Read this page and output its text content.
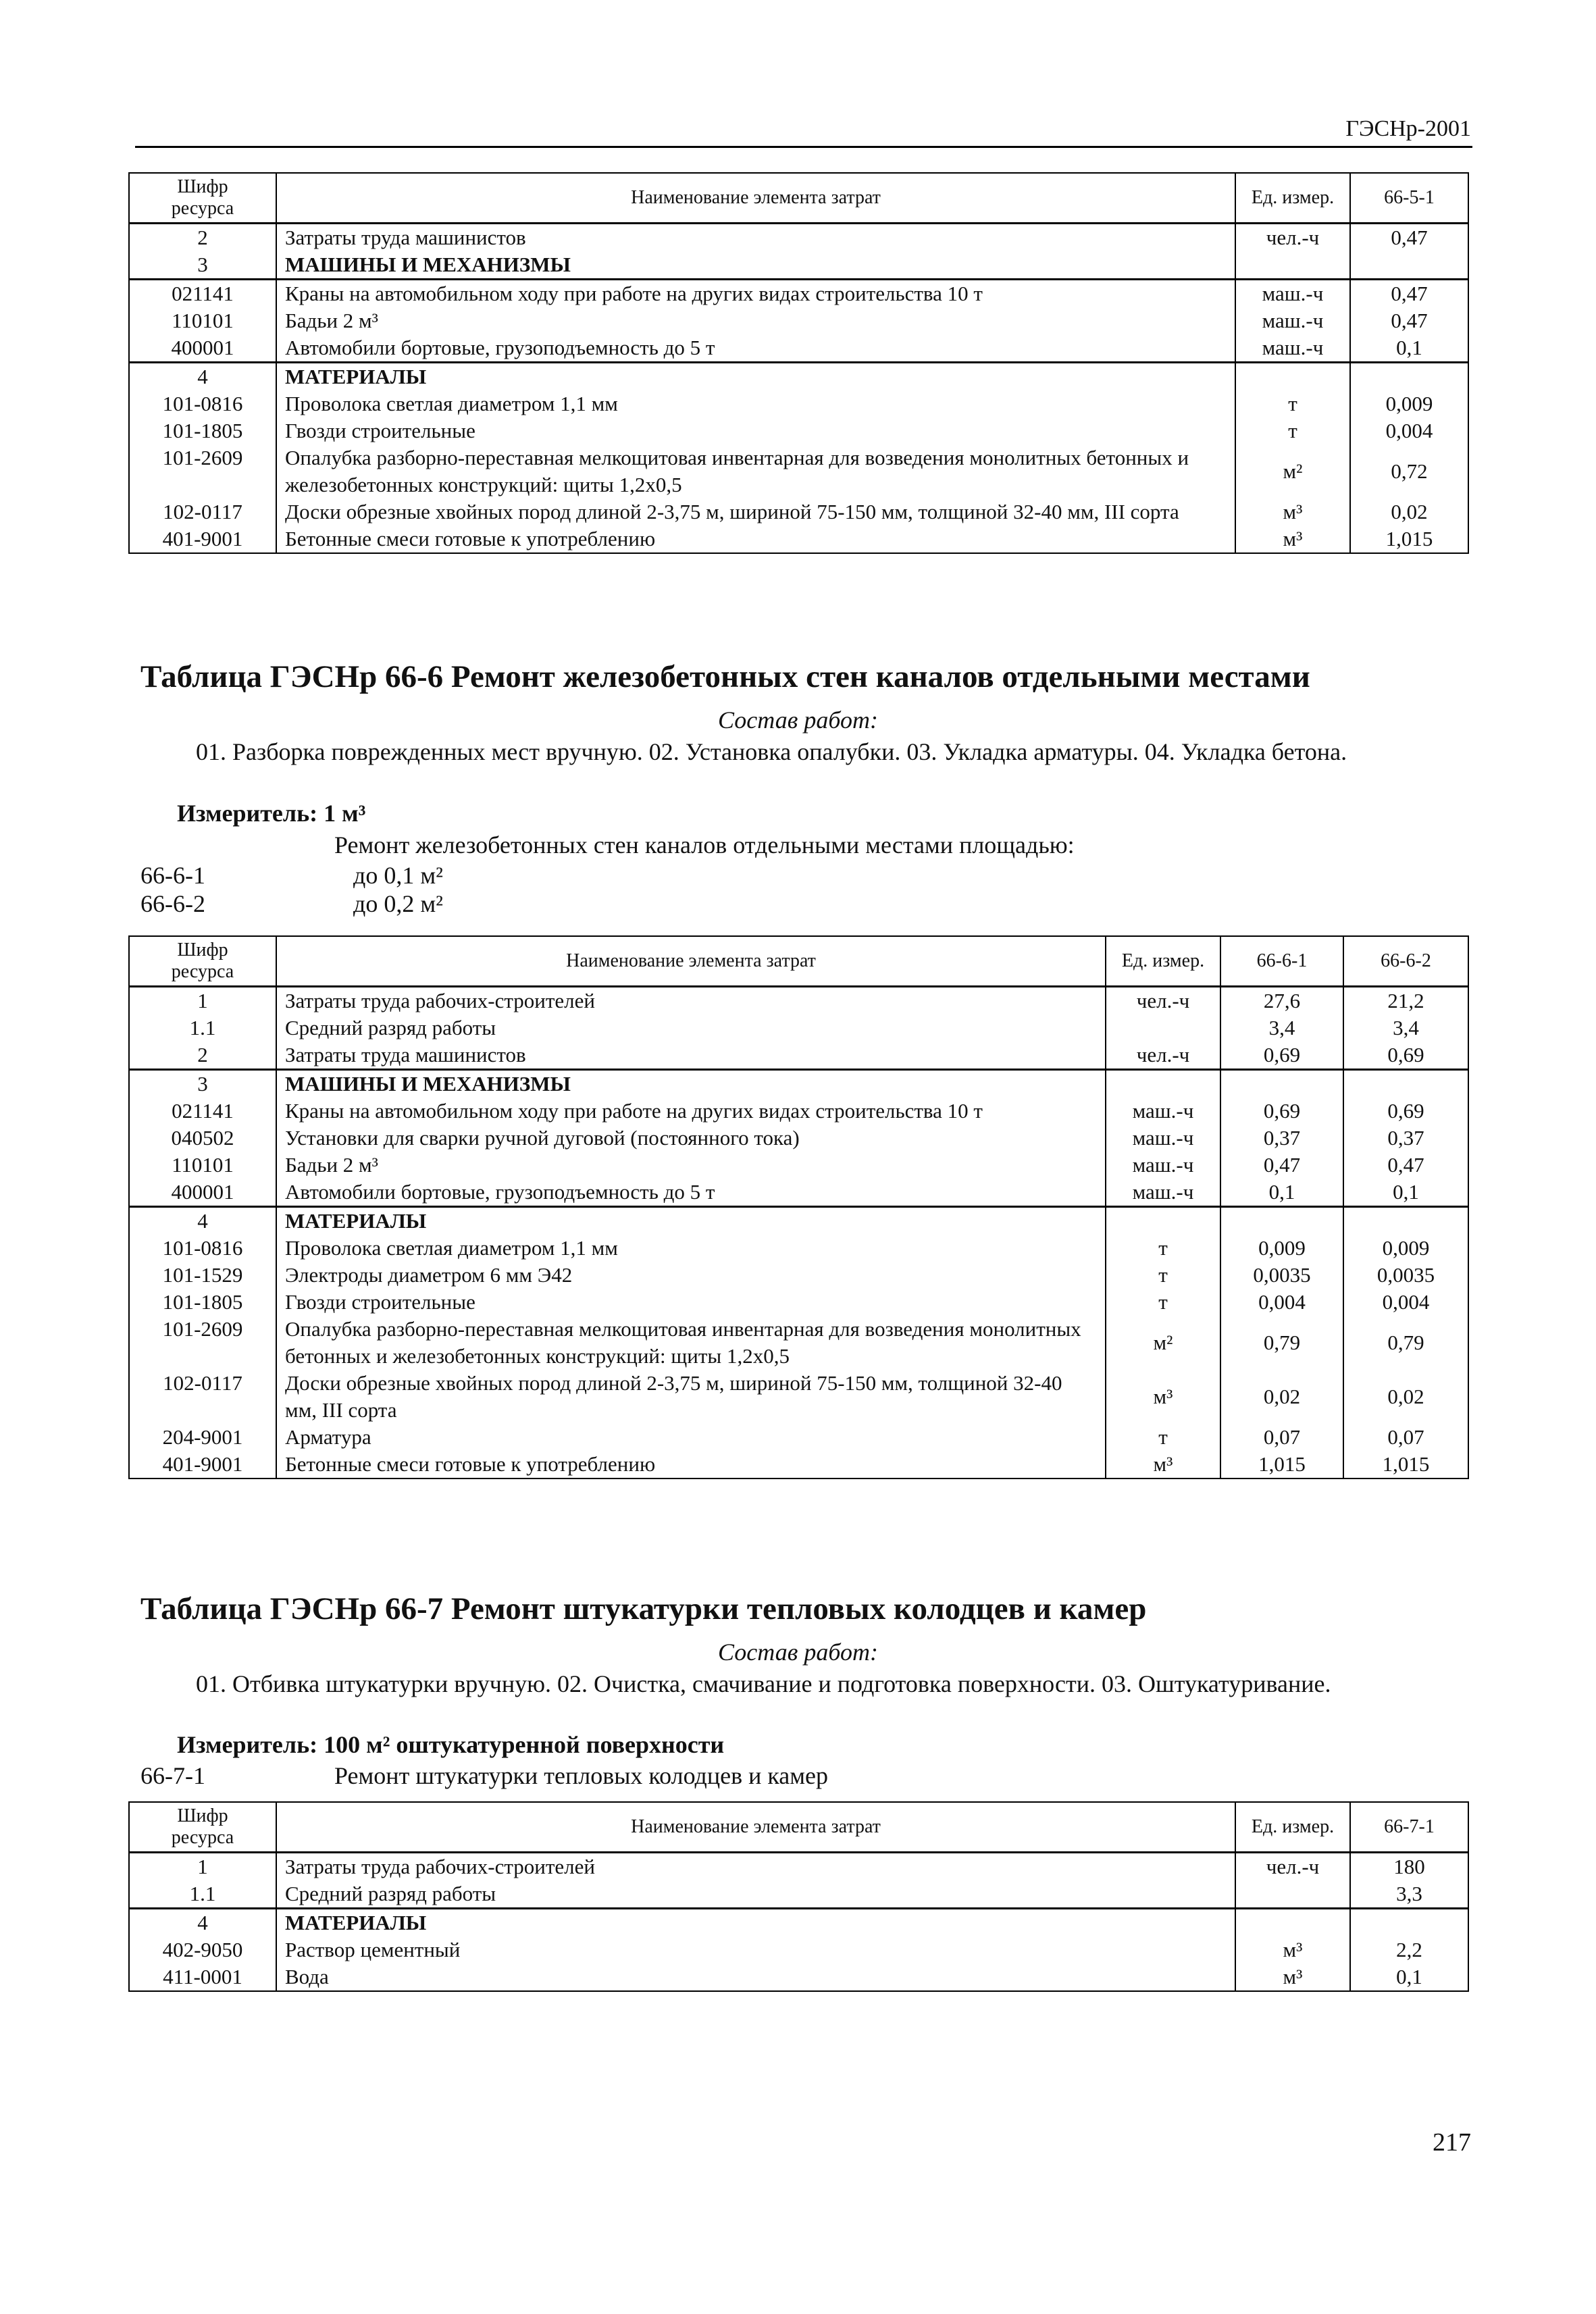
ГЭСНр-2001
Шифр
ресурса	Наименование элемента затрат	Ед. измер.	66-5-1
2	Затраты труда машинистов	чел.-ч	0,47
3	МАШИНЫ И МЕХАНИЗМЫ		
021141	Краны на автомобильном ходу при работе на других видах строительства 10 т	маш.-ч	0,47
110101	Бадьи 2 м³	маш.-ч	0,47
400001	Автомобили бортовые, грузоподъемность до 5 т	маш.-ч	0,1
4	МАТЕРИАЛЫ		
101-0816	Проволока светлая диаметром 1,1 мм	т	0,009
101-1805	Гвозди строительные	т	0,004
101-2609	Опалубка разборно-переставная мелкощитовая инвентарная для возведения монолитных бетонных и железобетонных конструкций: щиты 1,2x0,5	м²	0,72
102-0117	Доски обрезные хвойных пород длиной 2-3,75 м, шириной 75-150 мм, толщиной 32-40 мм, III сорта	м³	0,02
401-9001	Бетонные смеси готовые к употреблению	м³	1,015
Таблица ГЭСНр 66-6 Ремонт железобетонных стен каналов отдельными местами
Состав работ:
01. Разборка поврежденных мест вручную. 02. Установка опалубки. 03. Укладка арматуры. 04. Укладка бетона.
Измеритель: 1 м³
Ремонт железобетонных стен каналов отдельными местами площадью:
66-6-1	до 0,1 м²
66-6-2	до 0,2 м²
Шифр
ресурса	Наименование элемента затрат	Ед. измер.	66-6-1	66-6-2
1	Затраты труда рабочих-строителей	чел.-ч	27,6	21,2
1.1	Средний разряд работы		3,4	3,4
2	Затраты труда машинистов	чел.-ч	0,69	0,69
3	МАШИНЫ И МЕХАНИЗМЫ			
021141	Краны на автомобильном ходу при работе на других видах строительства 10 т	маш.-ч	0,69	0,69
040502	Установки для сварки ручной дуговой (постоянного тока)	маш.-ч	0,37	0,37
110101	Бадьи 2 м³	маш.-ч	0,47	0,47
400001	Автомобили бортовые, грузоподъемность до 5 т	маш.-ч	0,1	0,1
4	МАТЕРИАЛЫ			
101-0816	Проволока светлая диаметром 1,1 мм	т	0,009	0,009
101-1529	Электроды диаметром 6 мм Э42	т	0,0035	0,0035
101-1805	Гвозди строительные	т	0,004	0,004
101-2609	Опалубка разборно-переставная мелкощитовая инвентарная для возведения монолитных бетонных и железобетонных конструкций: щиты 1,2x0,5	м²	0,79	0,79
102-0117	Доски обрезные хвойных пород длиной 2-3,75 м, шириной 75-150 мм, толщиной 32-40 мм, III сорта	м³	0,02	0,02
204-9001	Арматура	т	0,07	0,07
401-9001	Бетонные смеси готовые к употреблению	м³	1,015	1,015
Таблица ГЭСНр 66-7 Ремонт штукатурки тепловых колодцев и камер
Состав работ:
01. Отбивка штукатурки вручную. 02. Очистка, смачивание и подготовка поверхности. 03. Оштукатуривание.
Измеритель: 100 м² оштукатуренной поверхности
66-7-1	Ремонт штукатурки тепловых колодцев и камер
Шифр
ресурса	Наименование элемента затрат	Ед. измер.	66-7-1
1	Затраты труда рабочих-строителей	чел.-ч	180
1.1	Средний разряд работы		3,3
4	МАТЕРИАЛЫ		
402-9050	Раствор цементный	м³	2,2
411-0001	Вода	м³	0,1
217
